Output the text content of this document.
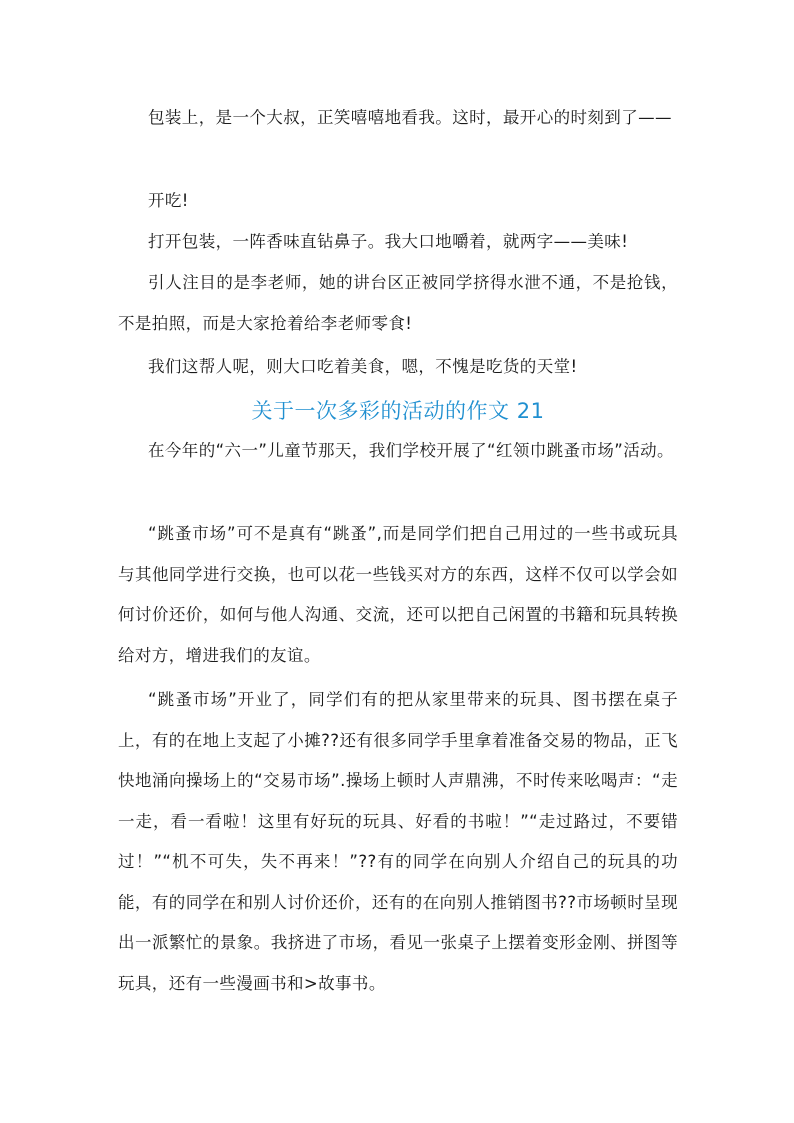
包装上，是一个大叔，正笑嘻嘻地看我。这时，最开心的时刻到了——

开吃!

打开包装，一阵香味直钻鼻子。我大口地嚼着，就两字——美味!

引人注目的是李老师，她的讲台区正被同学挤得水泄不通，不是抢钱，不是拍照，而是大家抢着给李老师零食!

我们这帮人呢，则大口吃着美食，嗯，不愧是吃货的天堂!

关于一次多彩的活动的作文 21

在今年的“六一”儿童节那天，我们学校开展了“红领巾跳蚤市场”活动。

“跳蚤市场”可不是真有“跳蚤”,而是同学们把自己用过的一些书或玩具与其他同学进行交换，也可以花一些钱买对方的东西，这样不仅可以学会如何讨价还价，如何与他人沟通、交流，还可以把自己闲置的书籍和玩具转换给对方，增进我们的友谊。

“跳蚤市场”开业了，同学们有的把从家里带来的玩具、图书摆在桌子上，有的在地上支起了小摊??还有很多同学手里拿着准备交易的物品，正飞快地涌向操场上的“交易市场”.操场上顿时人声鼎沸，不时传来吆喝声：“走一走，看一看啦！这里有好玩的玩具、好看的书啦！”“走过路过，不要错过！”“机不可失，失不再来！”??有的同学在向别人介绍自己的玩具的功能，有的同学在和别人讨价还价，还有的在向别人推销图书??市场顿时呈现出一派繁忙的景象。我挤进了市场，看见一张桌子上摆着变形金刚、拼图等玩具，还有一些漫画书和>故事书。
